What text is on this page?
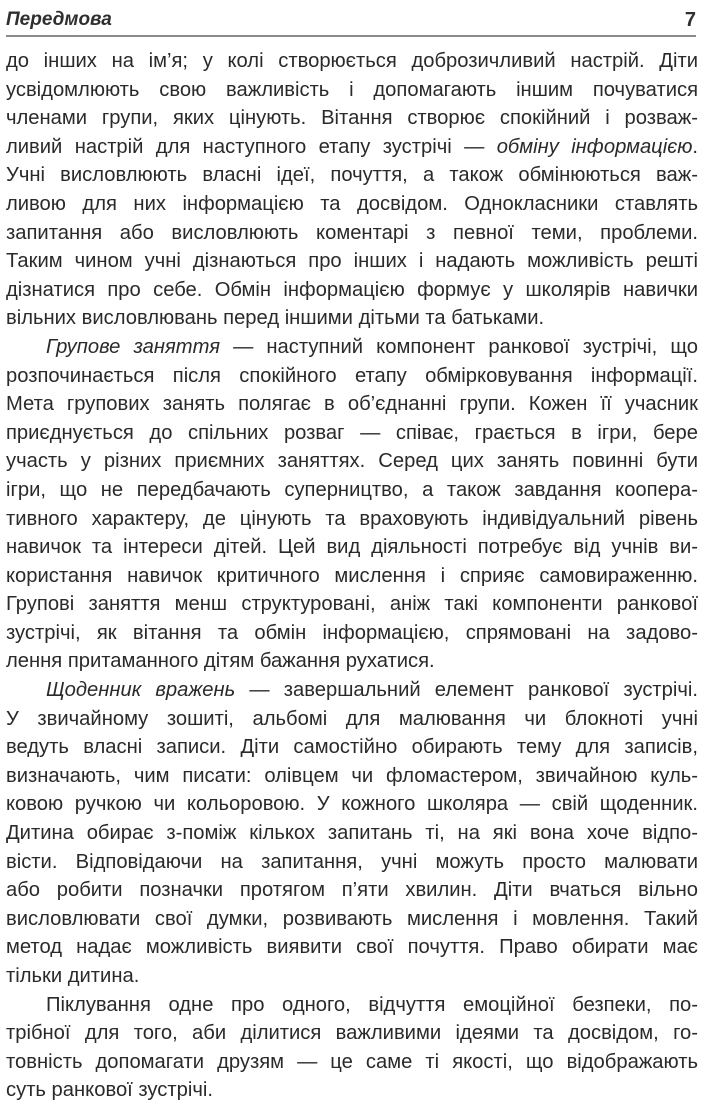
Передмова	7
до інших на ім’я; у колі створюється доброзичливий настрій. Діти
усвідомлюють свою важливість і допомагають іншим почуватися
членами групи, яких цінують. Вітання створює спокійний і розваж-
ливий настрій для наступного етапу зустрічі — обміну інформацією.
Учні висловлюють власні ідеї, почуття, а також обмінюються важ-
ливою для них інформацією та досвідом. Однокласники ставлять
запитання або висловлюють коментарі з певної теми, проблеми.
Таким чином учні дізнаються про інших і надають можливість решті
дізнатися про себе. Обмін інформацією формує у школярів навички
вільних висловлювань перед іншими дітьми та батьками.
Групове заняття — наступний компонент ранкової зустрічі, що
розпочинається після спокійного етапу обмірковування інформації.
Мета групових занять полягає в об’єднанні групи. Кожен її учасник
приєднується до спільних розваг — співає, грається в ігри, бере
участь у різних приємних заняттях. Серед цих занять повинні бути
ігри, що не передбачають суперництво, а також завдання коопера-
тивного характеру, де цінують та враховують індивідуальний рівень
навичок та інтереси дітей. Цей вид діяльності потребує від учнів ви-
користання навичок критичного мислення і сприяє самовираженню.
Групові заняття менш структуровані, аніж такі компоненти ранкової
зустрічі, як вітання та обмін інформацією, спрямовані на задово-
лення притаманного дітям бажання рухатися.
Щоденник вражень — завершальний елемент ранкової зустрічі.
У звичайному зошиті, альбомі для малювання чи блокноті учні
ведуть власні записи. Діти самостійно обирають тему для записів,
визначають, чим писати: олівцем чи фломастером, звичайною куль-
ковою ручкою чи кольоровою. У кожного школяра — свій щоденник.
Дитина обирає з-поміж кількох запитань ті, на які вона хоче відпо-
вісти. Відповідаючи на запитання, учні можуть просто малювати
або робити позначки протягом п’яти хвилин. Діти вчаться вільно
висловлювати свої думки, розвивають мислення і мовлення. Такий
метод надає можливість виявити свої почуття. Право обирати має
тільки дитина.
Піклування одне про одного, відчуття емоційної безпеки, по-
трібної для того, аби ділитися важливими ідеями та досвідом, го-
товність допомагати друзям — це саме ті якості, що відображають
суть ранкової зустрічі.
